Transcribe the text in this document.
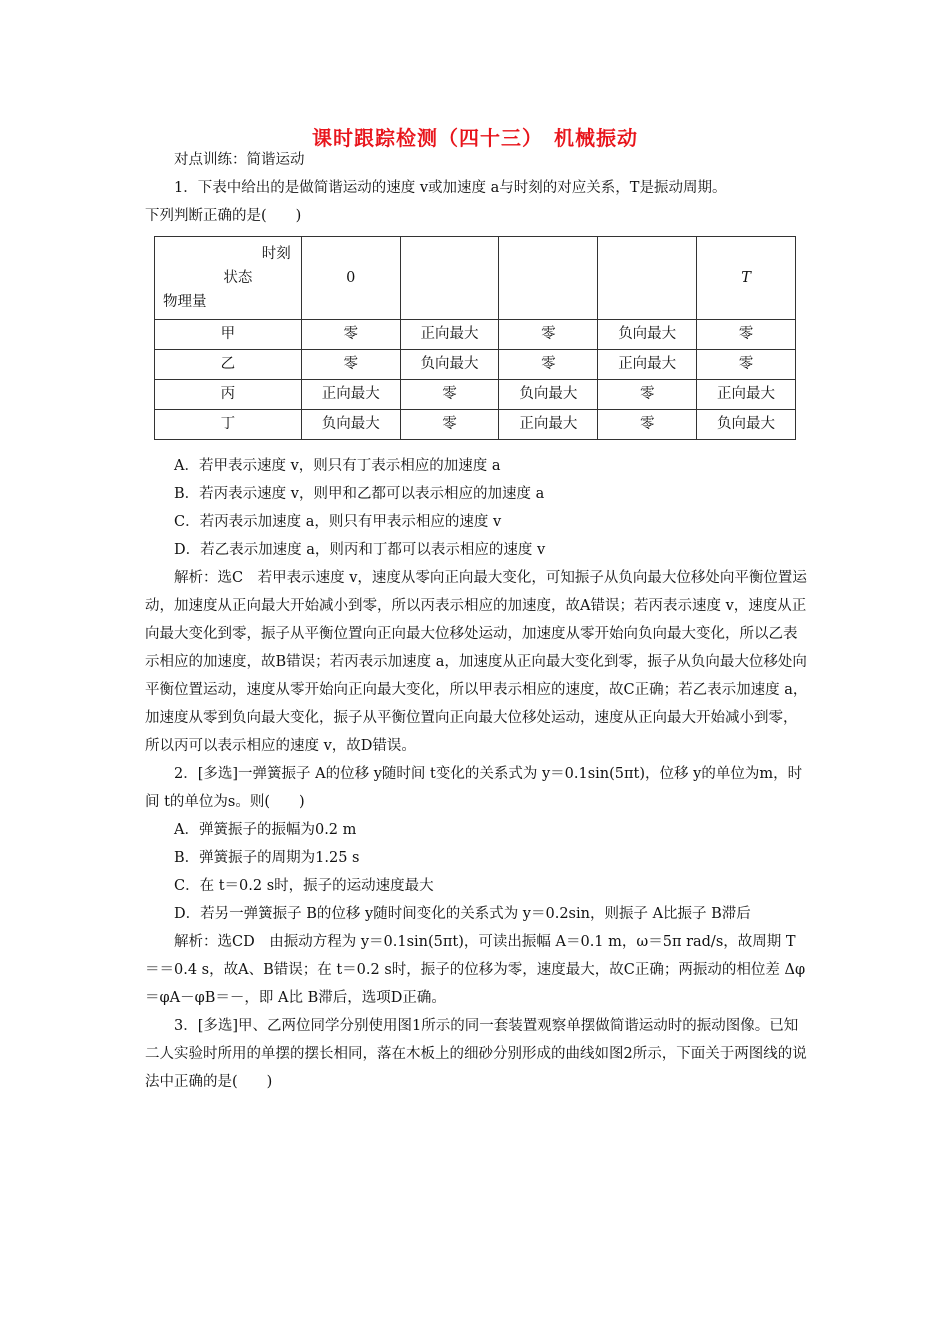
课时跟踪检测（四十三）　机械振动

对点训练：简谐运动

1．下表中给出的是做简谐运动的速度 v或加速度 a与时刻的对应关系，T是振动周期。

下列判断正确的是(　　)

时刻
状态
物理量	0				T
甲	零	正向最大	零	负向最大	零
乙	零	负向最大	零	正向最大	零
丙	正向最大	零	负向最大	零	正向最大
丁	负向最大	零	正向最大	零	负向最大

A．若甲表示速度 v，则只有丁表示相应的加速度 a

B．若丙表示速度 v，则甲和乙都可以表示相应的加速度 a

C．若丙表示加速度 a，则只有甲表示相应的速度 v

D．若乙表示加速度 a，则丙和丁都可以表示相应的速度 v

解析：选C　若甲表示速度 v，速度从零向正向最大变化，可知振子从负向最大位移处向平衡位置运动，加速度从正向最大开始减小到零，所以丙表示相应的加速度，故A错误；若丙表示速度 v，速度从正向最大变化到零，振子从平衡位置向正向最大位移处运动，加速度从零开始向负向最大变化，所以乙表示相应的加速度，故B错误；若丙表示加速度 a，加速度从正向最大变化到零，振子从负向最大位移处向平衡位置运动，速度从零开始向正向最大变化，所以甲表示相应的速度，故C正确；若乙表示加速度 a，加速度从零到负向最大变化，振子从平衡位置向正向最大位移处运动，速度从正向最大开始减小到零，所以丙可以表示相应的速度 v，故D错误。

2．[多选]一弹簧振子 A的位移 y随时间 t变化的关系式为 y＝0.1sin(5πt)，位移 y的单位为m，时间 t的单位为s。则(　　)

A．弹簧振子的振幅为0.2 m

B．弹簧振子的周期为1.25 s

C．在 t＝0.2 s时，振子的运动速度最大

D．若另一弹簧振子 B的位移 y随时间变化的关系式为 y＝0.2sin，则振子 A比振子 B滞后

解析：选CD　由振动方程为 y＝0.1sin(5πt)，可读出振幅 A＝0.1 m，ω＝5π rad/s，故周期 T＝＝0.4 s，故A、B错误；在 t＝0.2 s时，振子的位移为零，速度最大，故C正确；两振动的相位差 Δφ＝φA－φB＝－，即 A比 B滞后，选项D正确。

3．[多选]甲、乙两位同学分别使用图1所示的同一套装置观察单摆做简谐运动时的振动图像。已知二人实验时所用的单摆的摆长相同，落在木板上的细砂分别形成的曲线如图2所示，下面关于两图线的说法中正确的是(　　)
